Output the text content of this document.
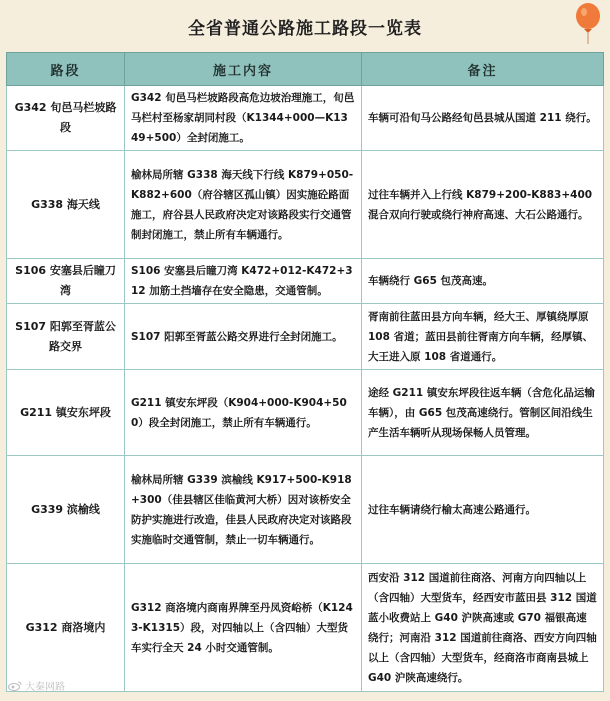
全省普通公路施工路段一览表
路段	施工内容	备注
G342 旬邑马栏坡路段	G342 旬邑马栏坡路段高危边坡治理施工，旬邑马栏村至杨家胡同村段（K1344+000—K1349+500）全封闭施工。	车辆可沿旬马公路经旬邑县城从国道 211 绕行。
G338 海天线	榆林局所辖 G338 海天线下行线 K879+050-K882+600（府谷辖区孤山镇）因实施砼路面施工，府谷县人民政府决定对该路段实行交通管制封闭施工，禁止所有车辆通行。	过往车辆并入上行线 K879+200-K883+400 混合双向行驶或绕行神府高速、大石公路通行。
S106 安塞县后瞳刀湾	S106 安塞县后瞳刀湾 K472+012-K472+312 加筋土挡墙存在安全隐患，交通管制。	车辆绕行 G65 包茂高速。
S107 阳郭至胥蓝公路交界	S107 阳郭至胥蓝公路交界进行全封闭施工。	胥南前往蓝田县方向车辆，经大王、厚镇绕厚原 108 省道；蓝田县前往胥南方向车辆，经厚镇、大王进入原 108 省道通行。
G211 镇安东坪段	G211 镇安东坪段（K904+000-K904+500）段全封闭施工，禁止所有车辆通行。	途经 G211 镇安东坪段往返车辆（含危化品运输车辆），由 G65 包茂高速绕行。管制区间沿线生产生活车辆听从现场保畅人员管理。
G339 滨榆线	榆林局所辖 G339 滨榆线 K917+500-K918+300（佳县辖区佳临黄河大桥）因对该桥安全防护实施进行改造，佳县人民政府决定对该路段实施临时交通管制，禁止一切车辆通行。	过往车辆请绕行榆太高速公路通行。
G312 商洛境内	G312 商洛境内商南界牌至丹凤资峪桥（K1243-K1315）段，对四轴以上（含四轴）大型货车实行全天 24 小时交通管制。	西安沿 312 国道前往商洛、河南方向四轴以上（含四轴）大型货车，经西安市蓝田县 312 国道蓝小收费站上 G40 沪陕高速或 G70 福银高速绕行；河南沿 312 国道前往商洛、西安方向四轴以上（含四轴）大型货车，经商洛市商南县城上 G40 沪陕高速绕行。
大秦网路
